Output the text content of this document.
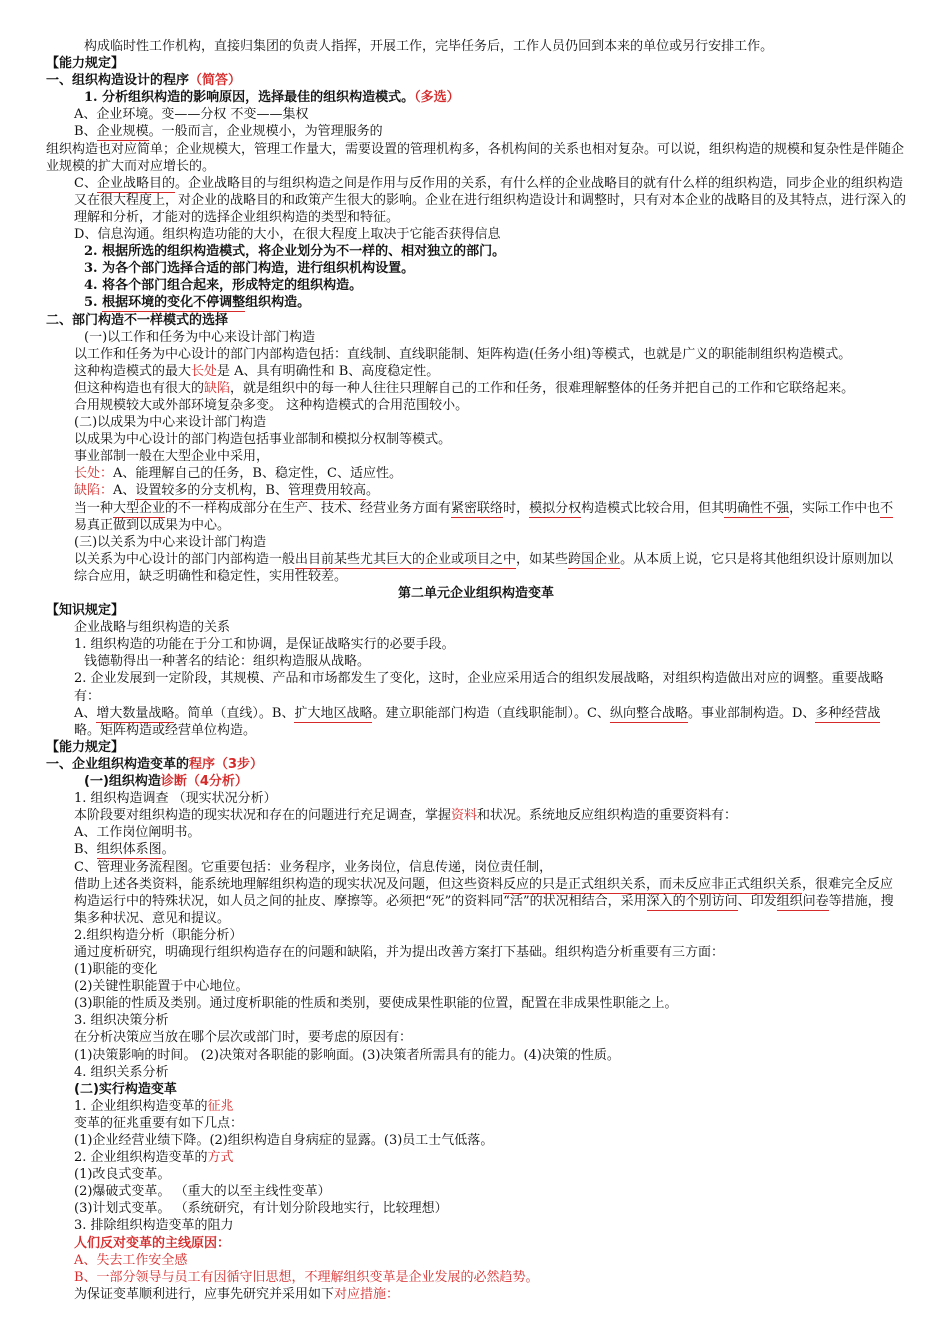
构成临时性工作机构，直接归集团的负责人指挥，开展工作，完毕任务后，工作人员仍回到本来的单位或另行安排工作。

【能力规定】

一、组织构造设计的程序（简答）

1. 分析组织构造的影响原因，选择最佳的组织构造模式。（多选）

A、企业环境。变——分权 不变——集权

B、企业规模。一般而言，企业规模小，为管理服务的

组织构造也对应简单；企业规模大，管理工作量大，需要设置的管理机构多，各机构间的关系也相对复杂。可以说，组织构造的规模和复杂性是伴随企业规模的扩大而对应增长的。

C、企业战略目的。企业战略目的与组织构造之间是作用与反作用的关系，有什么样的企业战略目的就有什么样的组织构造，同步企业的组织构造又在很大程度上，对企业的战略目的和政策产生很大的影响。企业在进行组织构造设计和调整时，只有对本企业的战略目的及其特点，进行深入的理解和分析，才能对的选择企业组织构造的类型和特征。

D、信息沟通。组织构造功能的大小，在很大程度上取决于它能否获得信息

2. 根据所选的组织构造模式，将企业划分为不一样的、相对独立的部门。

3. 为各个部门选择合适的部门构造，进行组织机构设置。

4. 将各个部门组合起来，形成特定的组织构造。

5. 根据环境的变化不停调整组织构造。

二、部门构造不一样模式的选择

(一)以工作和任务为中心来设计部门构造

以工作和任务为中心设计的部门内部构造包括：直线制、直线职能制、矩阵构造(任务小组)等模式，也就是广义的职能制组织构造模式。

这种构造模式的最大长处是 A、具有明确性和 B、高度稳定性。

但这种构造也有很大的缺陷，就是组织中的每一种人往往只理解自己的工作和任务，很难理解整体的任务并把自己的工作和它联络起来。

合用规模较大或外部环境复杂多变。 这种构造模式的合用范围较小。

(二)以成果为中心来设计部门构造

以成果为中心设计的部门构造包括事业部制和模拟分权制等模式。

事业部制一般在大型企业中采用，

长处：A、能理解自己的任务，B、稳定性，C、适应性。

缺陷：A、设置较多的分支机构，B、管理费用较高。

当一种大型企业的不一样构成部分在生产、技术、经营业务方面有紧密联络时，模拟分权构造模式比较合用，但其明确性不强，实际工作中也不易真正做到以成果为中心。

(三)以关系为中心来设计部门构造

以关系为中心设计的部门内部构造一般出目前某些尤其巨大的企业或项目之中，如某些跨国企业。从本质上说，它只是将其他组织设计原则加以综合应用，缺乏明确性和稳定性，实用性较差。

第二单元企业组织构造变革

【知识规定】

企业战略与组织构造的关系

1. 组织构造的功能在于分工和协调，是保证战略实行的必要手段。

钱德勒得出一种著名的结论：组织构造服从战略。

2. 企业发展到一定阶段，其规模、产品和市场都发生了变化，这时，企业应采用适合的组织发展战略，对组织构造做出对应的调整。重要战略有：

A、增大数量战略。简单（直线）。B、扩大地区战略。建立职能部门构造（直线职能制）。C、纵向整合战略。事业部制构造。D、多种经营战略。矩阵构造或经营单位构造。

【能力规定】

一、企业组织构造变革的程序（3步）

(一)组织构造诊断（4分析）

1. 组织构造调查 （现实状况分析）

本阶段要对组织构造的现实状况和存在的问题进行充足调查，掌握资料和状况。系统地反应组织构造的重要资料有：

A、工作岗位阐明书。

B、组织体系图。

C、管理业务流程图。它重要包括：业务程序，业务岗位，信息传递，岗位责任制，

借助上述各类资料，能系统地理解组织构造的现实状况及问题，但这些资料反应的只是正式组织关系，而未反应非正式组织关系，很难完全反应构造运行中的特殊状况，如人员之间的扯皮、摩擦等。必须把“死”的资料同“活”的状况相结合，采用深入的个别访问、印发组织问卷等措施，搜集多种状况、意见和提议。

2.组织构造分析（职能分析）

通过度析研究，明确现行组织构造存在的问题和缺陷，并为提出改善方案打下基础。组织构造分析重要有三方面：

(1)职能的变化

(2)关键性职能置于中心地位。

(3)职能的性质及类别。通过度析职能的性质和类别，要使成果性职能的位置，配置在非成果性职能之上。

3. 组织决策分析

在分析决策应当放在哪个层次或部门时，要考虑的原因有：

(1)决策影响的时间。 (2)决策对各职能的影响面。(3)决策者所需具有的能力。(4)决策的性质。

4. 组织关系分析

(二)实行构造变革

1. 企业组织构造变革的征兆

变革的征兆重要有如下几点：

(1)企业经营业绩下降。(2)组织构造自身病症的显露。(3)员工士气低落。

2. 企业组织构造变革的方式

(1)改良式变革。

(2)爆破式变革。 （重大的以至主线性变革）

(3)计划式变革。 （系统研究，有计划分阶段地实行，比较理想）

3. 排除组织构造变革的阻力

人们反对变革的主线原因：

A、失去工作安全感

B、一部分领导与员工有因循守旧思想，不理解组织变革是企业发展的必然趋势。

为保证变革顺利进行，应事先研究并采用如下对应措施：
